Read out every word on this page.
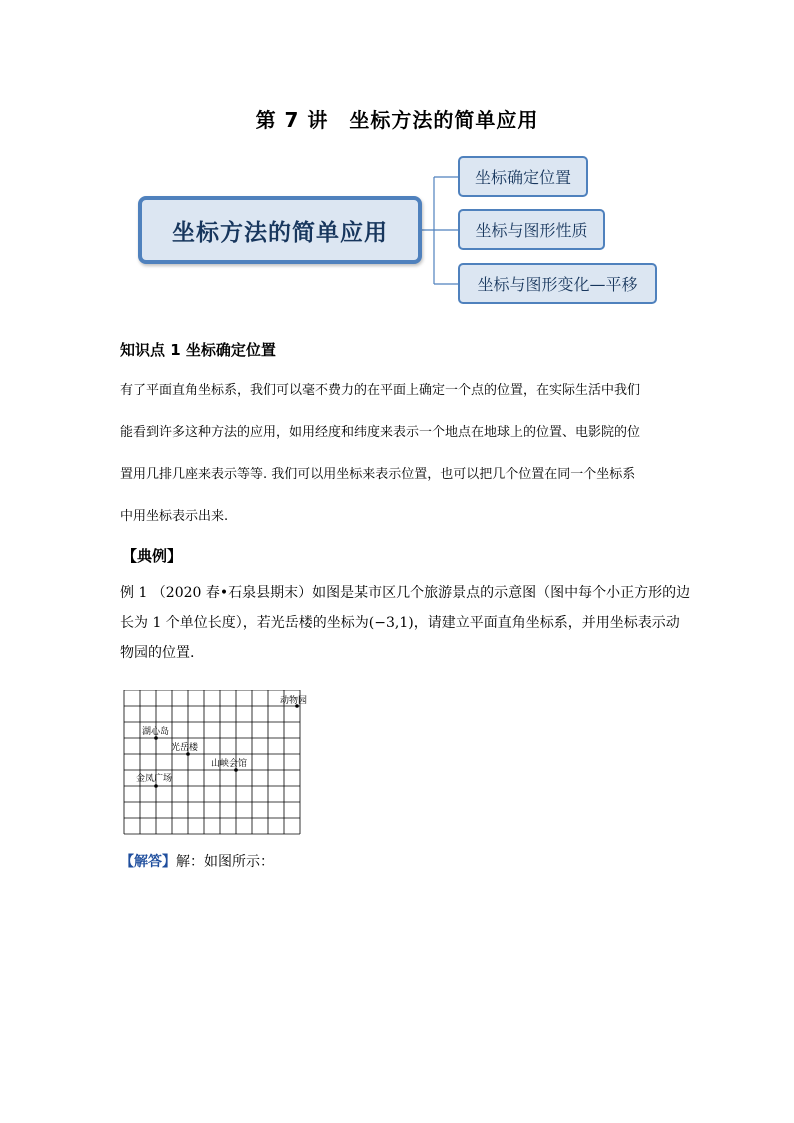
第 7 讲　坐标方法的简单应用
坐标方法的简单应用
坐标确定位置
坐标与图形性质
坐标与图形变化—平移
知识点 1 坐标确定位置
有了平面直角坐标系，我们可以毫不费力的在平面上确定一个点的位置，在实际生活中我们
能看到许多这种方法的应用，如用经度和纬度来表示一个地点在地球上的位置、电影院的位
置用几排几座来表示等等. 我们可以用坐标来表示位置，也可以把几个位置在同一个坐标系
中用坐标表示出来.
【典例】
例 1 （2020 春•石泉县期末）如图是某市区几个旅游景点的示意图（图中每个小正方形的边
长为 1 个单位长度），若光岳楼的坐标为(−3,1)，请建立平面直角坐标系，并用坐标表示动
物园的位置.
动物园
湖心岛
光岳楼
山峡会馆
金凤广场
【解答】解：如图所示：
